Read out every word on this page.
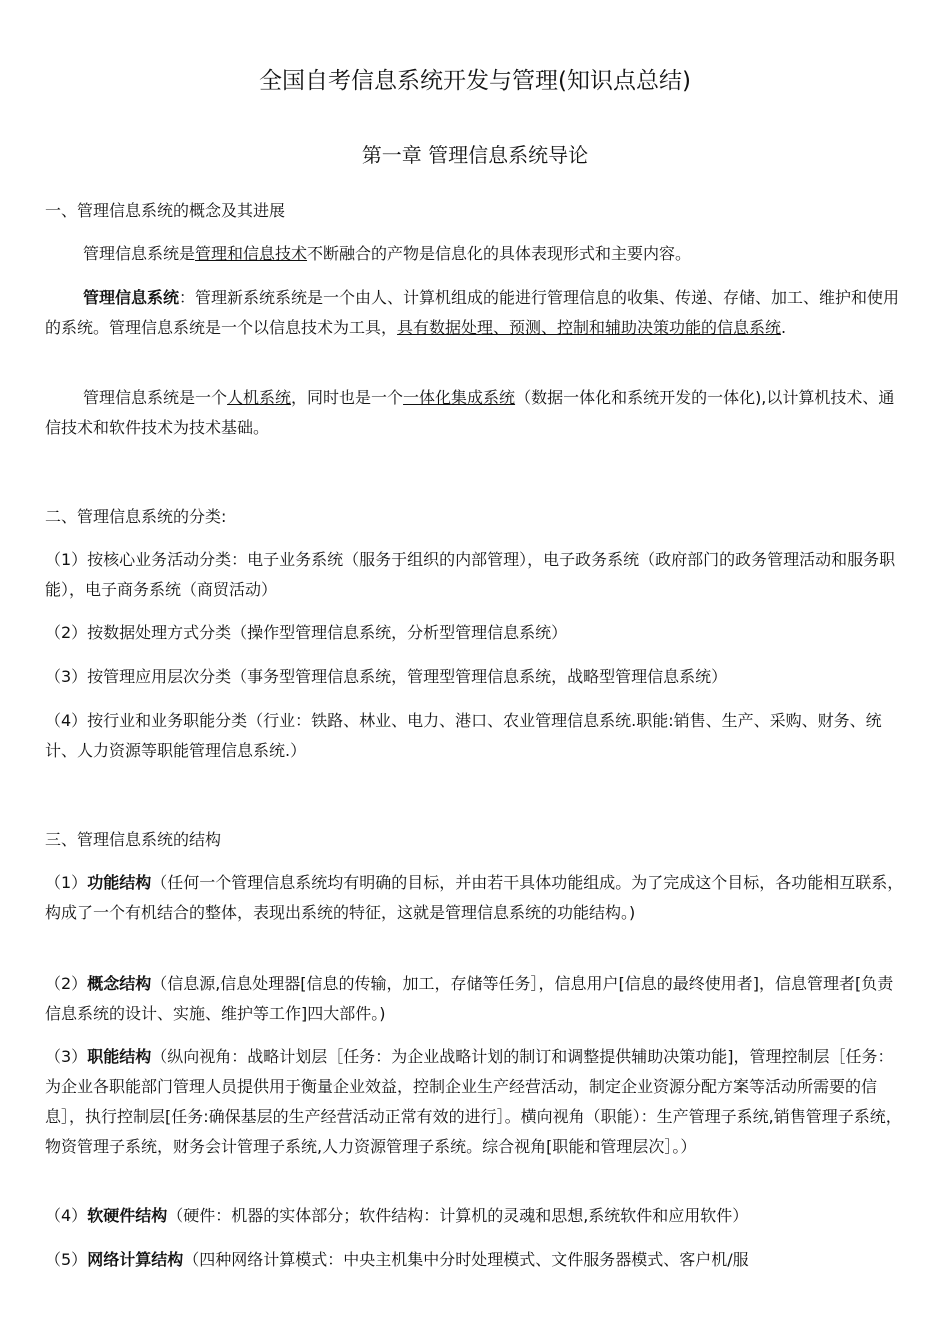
全国自考信息系统开发与管理(知识点总结)
第一章 管理信息系统导论
一、管理信息系统的概念及其进展
管理信息系统是管理和信息技术不断融合的产物是信息化的具体表现形式和主要内容。
管理信息系统：管理新系统系统是一个由人、计算机组成的能进行管理信息的收集、传递、存储、加工、维护和使用的系统。管理信息系统是一个以信息技术为工具，具有数据处理、预测、控制和辅助决策功能的信息系统.
管理信息系统是一个人机系统，同时也是一个一体化集成系统（数据一体化和系统开发的一体化),以计算机技术、通信技术和软件技术为技术基础。
二、管理信息系统的分类:
（1）按核心业务活动分类：电子业务系统（服务于组织的内部管理），电子政务系统（政府部门的政务管理活动和服务职能），电子商务系统（商贸活动）
（2）按数据处理方式分类（操作型管理信息系统，分析型管理信息系统）
（3）按管理应用层次分类（事务型管理信息系统，管理型管理信息系统，战略型管理信息系统）
（4）按行业和业务职能分类（行业：铁路、林业、电力、港口、农业管理信息系统.职能:销售、生产、采购、财务、统计、人力资源等职能管理信息系统.）
三、管理信息系统的结构
（1）功能结构（任何一个管理信息系统均有明确的目标，并由若干具体功能组成。为了完成这个目标，各功能相互联系，构成了一个有机结合的整体，表现出系统的特征，这就是管理信息系统的功能结构。)
（2）概念结构（信息源,信息处理器[信息的传输，加工，存储等任务］，信息用户[信息的最终使用者]，信息管理者[负责信息系统的设计、实施、维护等工作]四大部件。)
（3）职能结构（纵向视角：战略计划层［任务：为企业战略计划的制订和调整提供辅助决策功能]，管理控制层［任务：为企业各职能部门管理人员提供用于衡量企业效益，控制企业生产经营活动，制定企业资源分配方案等活动所需要的信息］，执行控制层[任务:确保基层的生产经营活动正常有效的进行］。横向视角（职能）：生产管理子系统,销售管理子系统，物资管理子系统，财务会计管理子系统,人力资源管理子系统。综合视角[职能和管理层次］。）
（4）软硬件结构（硬件：机器的实体部分；软件结构：计算机的灵魂和思想,系统软件和应用软件）
（5）网络计算结构（四种网络计算模式：中央主机集中分时处理模式、文件服务器模式、客户机/服
